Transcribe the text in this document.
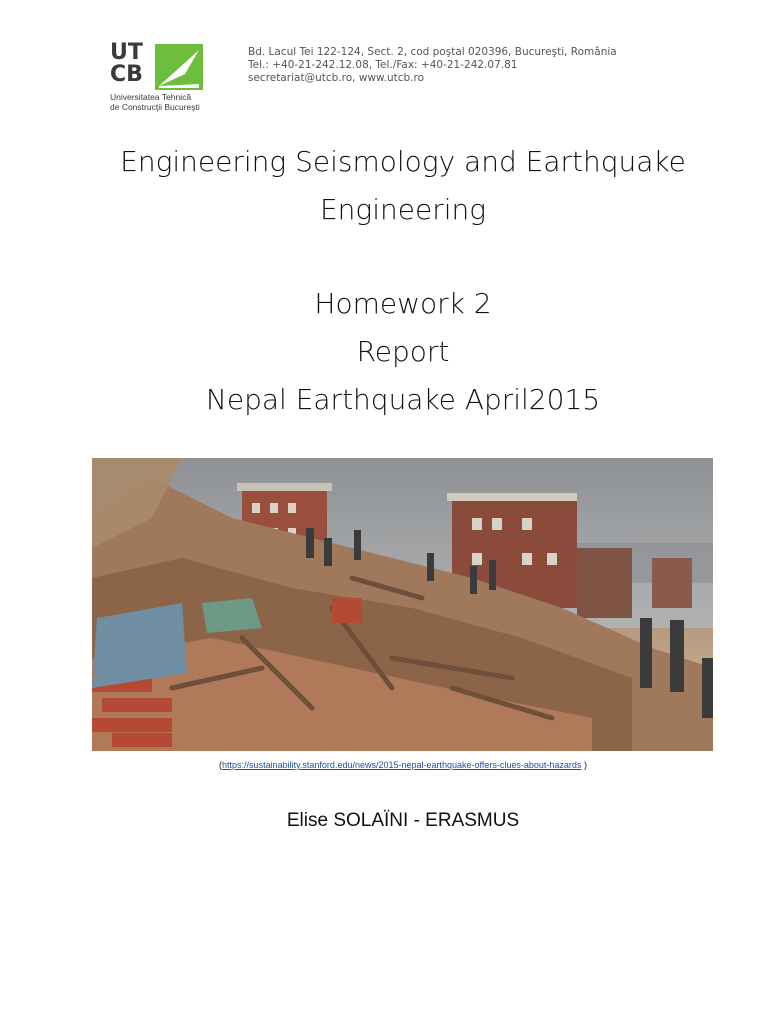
UT
CB
Universitatea Tehnică
de Construcţii Bucureşti
Bd. Lacul Tei 122-124, Sect. 2, cod poştal 020396, Bucureşti, România
Tel.: +40-21-242.12.08, Tel./Fax: +40-21-242.07.81
secretariat@utcb.ro, www.utcb.ro
Engineering Seismology and Earthquake
Engineering
Homework 2
Report
Nepal Earthquake April2015
(https://sustainability.stanford.edu/news/2015-nepal-earthquake-offers-clues-about-hazards )
Elise SOLAÏNI - ERASMUS
